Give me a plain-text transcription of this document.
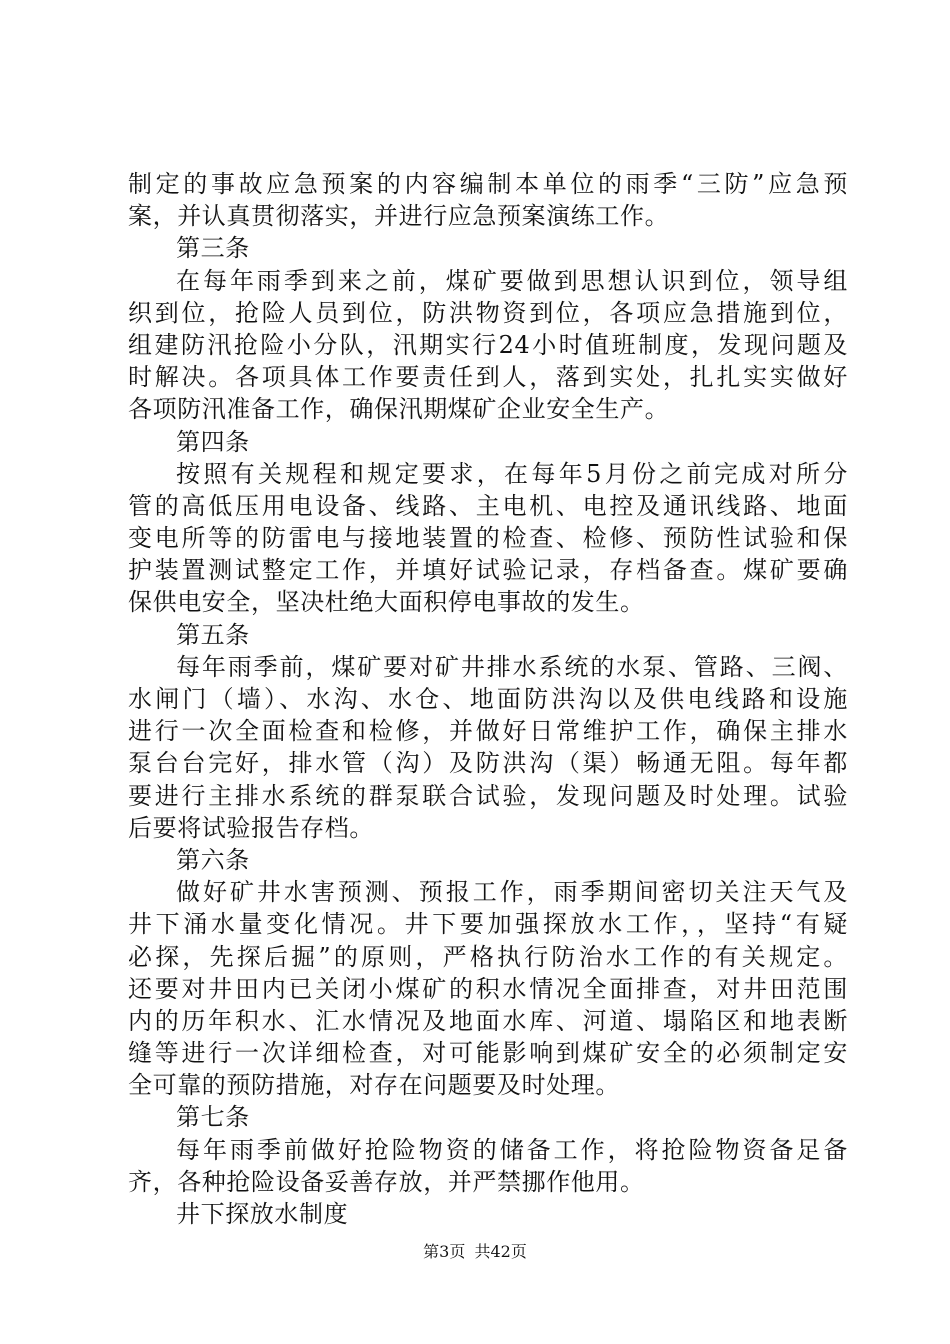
制定的事故应急预案的内容编制本单位的雨季“三防”应急预
案，并认真贯彻落实，并进行应急预案演练工作。
第三条
在每年雨季到来之前，煤矿要做到思想认识到位，领导组
织到位，抢险人员到位，防洪物资到位，各项应急措施到位，
组建防汛抢险小分队，汛期实行24小时值班制度，发现问题及
时解决。各项具体工作要责任到人，落到实处，扎扎实实做好
各项防汛准备工作，确保汛期煤矿企业安全生产。
第四条
按照有关规程和规定要求，在每年5月份之前完成对所分
管的高低压用电设备、线路、主电机、电控及通讯线路、地面
变电所等的防雷电与接地装置的检查、检修、预防性试验和保
护装置测试整定工作，并填好试验记录，存档备查。煤矿要确
保供电安全，坚决杜绝大面积停电事故的发生。
第五条
每年雨季前，煤矿要对矿井排水系统的水泵、管路、三阀、
水闸门（墙）、水沟、水仓、地面防洪沟以及供电线路和设施
进行一次全面检查和检修，并做好日常维护工作，确保主排水
泵台台完好，排水管（沟）及防洪沟（渠）畅通无阻。每年都
要进行主排水系统的群泵联合试验，发现问题及时处理。试验
后要将试验报告存档。
第六条
做好矿井水害预测、预报工作，雨季期间密切关注天气及
井下涌水量变化情况。井下要加强探放水工作，，坚持“有疑
必探，先探后掘”的原则，严格执行防治水工作的有关规定。
还要对井田内已关闭小煤矿的积水情况全面排查，对井田范围
内的历年积水、汇水情况及地面水库、河道、塌陷区和地表断
缝等进行一次详细检查，对可能影响到煤矿安全的必须制定安
全可靠的预防措施，对存在问题要及时处理。
第七条
每年雨季前做好抢险物资的储备工作，将抢险物资备足备
齐，各种抢险设备妥善存放，并严禁挪作他用。
井下探放水制度
第3页 共42页
